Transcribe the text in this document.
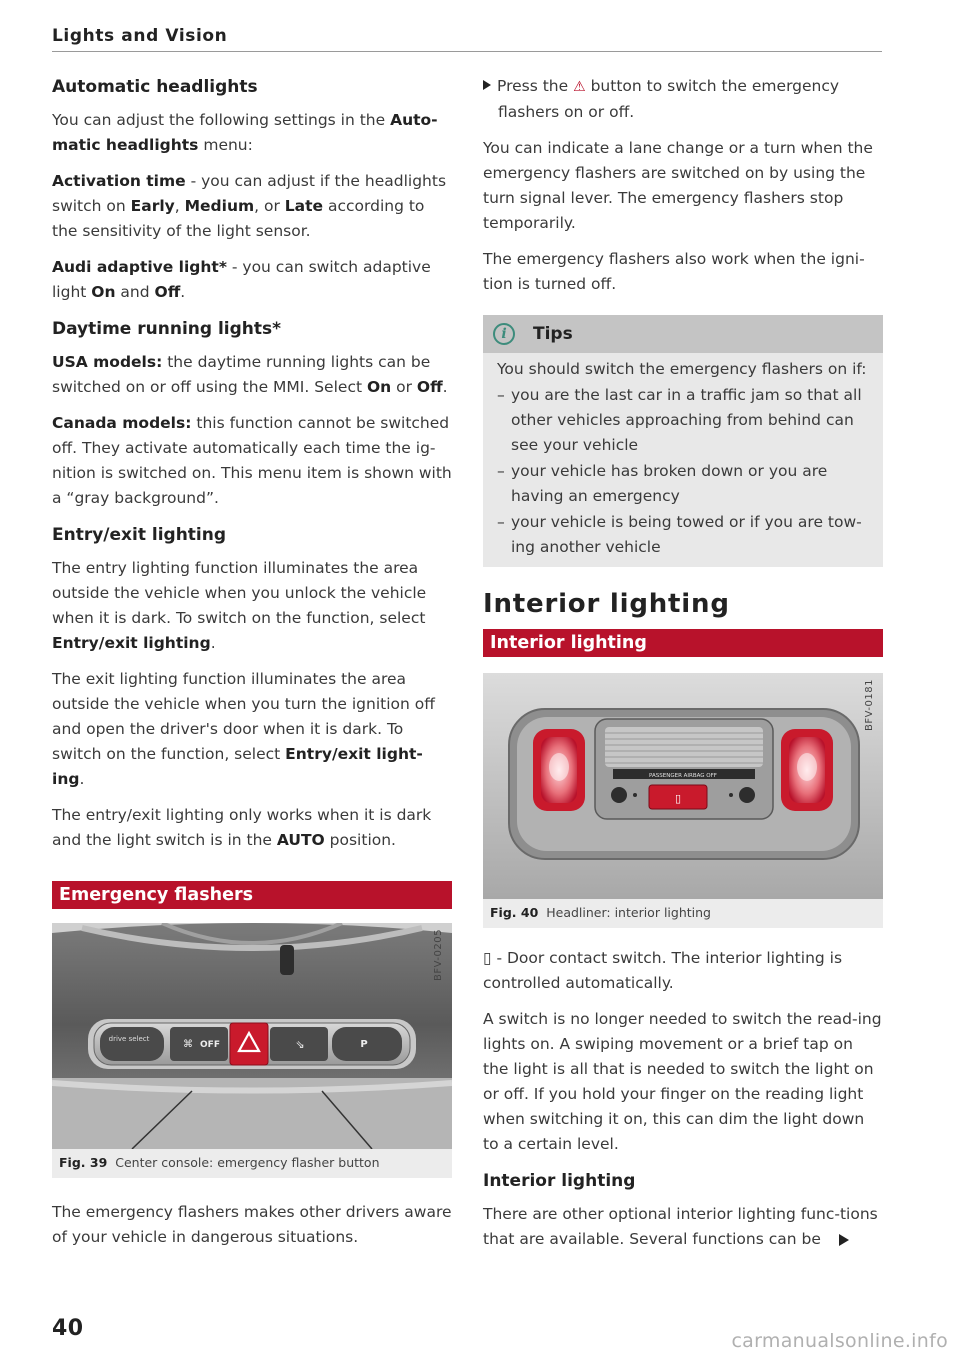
Lights and Vision
Automatic headlights

You can adjust the following settings in the Auto-matic headlights menu:

Activation time - you can adjust if the headlights switch on Early, Medium, or Late according to the sensitivity of the light sensor.

Audi adaptive light* - you can switch adaptive light On and Off.

Daytime running lights*

USA models: the daytime running lights can be switched on or off using the MMI. Select On or Off.

Canada models: this function cannot be switched off. They activate automatically each time the ig-nition is switched on. This menu item is shown with a “gray background”.

Entry/exit lighting

The entry lighting function illuminates the area outside the vehicle when you unlock the vehicle when it is dark. To switch on the function, select Entry/exit lighting.

The exit lighting function illuminates the area outside the vehicle when you turn the ignition off and open the driver's door when it is dark. To switch on the function, select Entry/exit light-ing.

The entry/exit lighting only works when it is dark and the light switch is in the AUTO position.

Emergency flashers
drive select
OFF
⌘	⇘	P
BFV-0205
Fig. 39 Center console: emergency flasher button

The emergency flashers makes other drivers aware of your vehicle in dangerous situations.

Press the ⚠ button to switch the emergency flashers on or off.

You can indicate a lane change or a turn when the emergency flashers are switched on by using the turn signal lever. The emergency flashers stop temporarily.

The emergency flashers also work when the igni-tion is turned off.

i	Tips

You should switch the emergency flashers on if:

– you are the last car in a traffic jam so that all other vehicles approaching from behind can see your vehicle

– your vehicle has broken down or you are having an emergency

– your vehicle is being towed or if you are tow-ing another vehicle

Interior lighting
Interior lighting
PASSENGER AIRBAG OFF
▯
BFV-0181
Fig. 40 Headliner: interior lighting

▯ - Door contact switch. The interior lighting is controlled automatically.

A switch is no longer needed to switch the read-ing lights on. A swiping movement or a brief tap on the light is all that is needed to switch the light on or off. If you hold your finger on the reading light when switching it on, this can dim the light down to a certain level.

Interior lighting

There are other optional interior lighting func-tions that are available. Several functions can be

40	carmanualsonline.info
